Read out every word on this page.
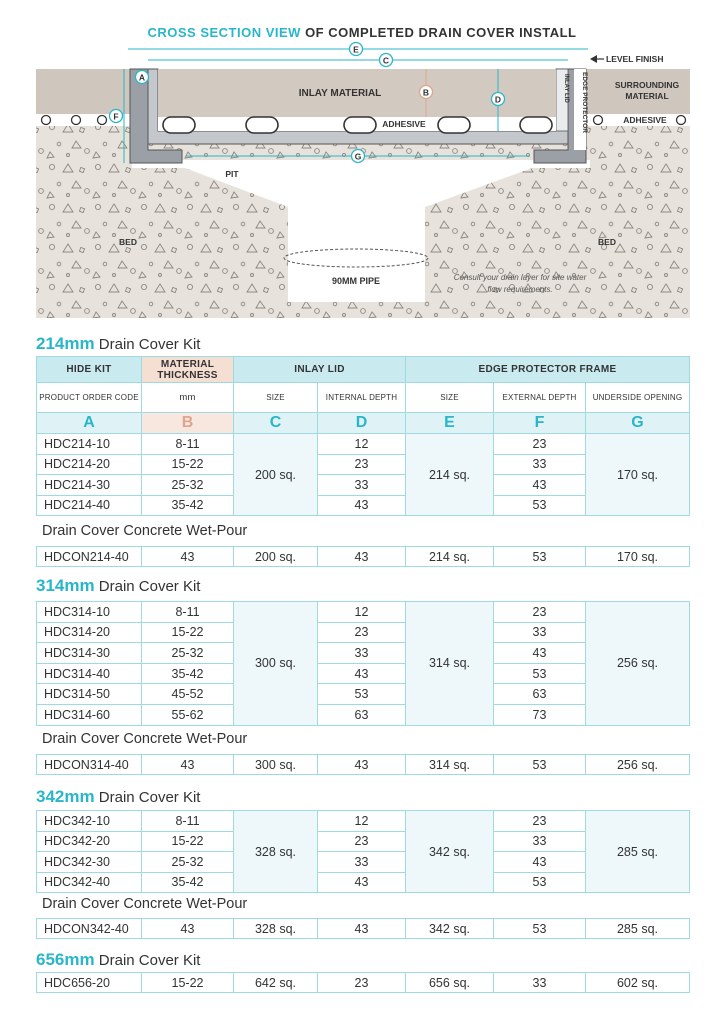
CROSS SECTION VIEW OF COMPLETED DRAIN COVER INSTALL
LEVEL FINISH
SURROUNDING
MATERIAL
ADHESIVE
INLAY MATERIAL
ADHESIVE
PIT
BED	BED
90MM PIPE	Consult your drain layer for site water
flow requirements.
INLAY LID EDGE PROTECTOR
E
C
A
B
D
F
G
214mm Drain Cover Kit
HIDE KIT	MATERIAL THICKNESS	INLAY LID		EDGE PROTECTOR FRAME		
PRODUCT ORDER CODE	mm	SIZE	INTERNAL DEPTH	SIZE	EXTERNAL DEPTH	UNDERSIDE OPENING
A	B	C	D	E	F	G
HDC214-10	8-11	200 sq.	12	214 sq.	23	170 sq.
HDC214-20	15-22		23		33	
HDC214-30	25-32		33		43	
HDC214-40	35-42		43		53	
Drain Cover Concrete Wet-Pour
HDCON214-40	43	200 sq.	43	214 sq.	53	170 sq.
314mm Drain Cover Kit
HDC314-10	8-11	300 sq.	12	314 sq.	23	256 sq.
HDC314-20	15-22		23		33	
HDC314-30	25-32		33		43	
HDC314-40	35-42		43		53	
HDC314-50	45-52		53		63	
HDC314-60	55-62		63		73	
Drain Cover Concrete Wet-Pour
HDCON314-40	43	300 sq.	43	314 sq.	53	256 sq.
342mm Drain Cover Kit
HDC342-10	8-11	328 sq.	12	342 sq.	23	285 sq.
HDC342-20	15-22		23		33	
HDC342-30	25-32		33		43	
HDC342-40	35-42		43		53	
Drain Cover Concrete Wet-Pour
HDCON342-40	43	328 sq.	43	342 sq.	53	285 sq.
656mm Drain Cover Kit
HDC656-20	15-22	642 sq.	23	656 sq.	33	602 sq.
